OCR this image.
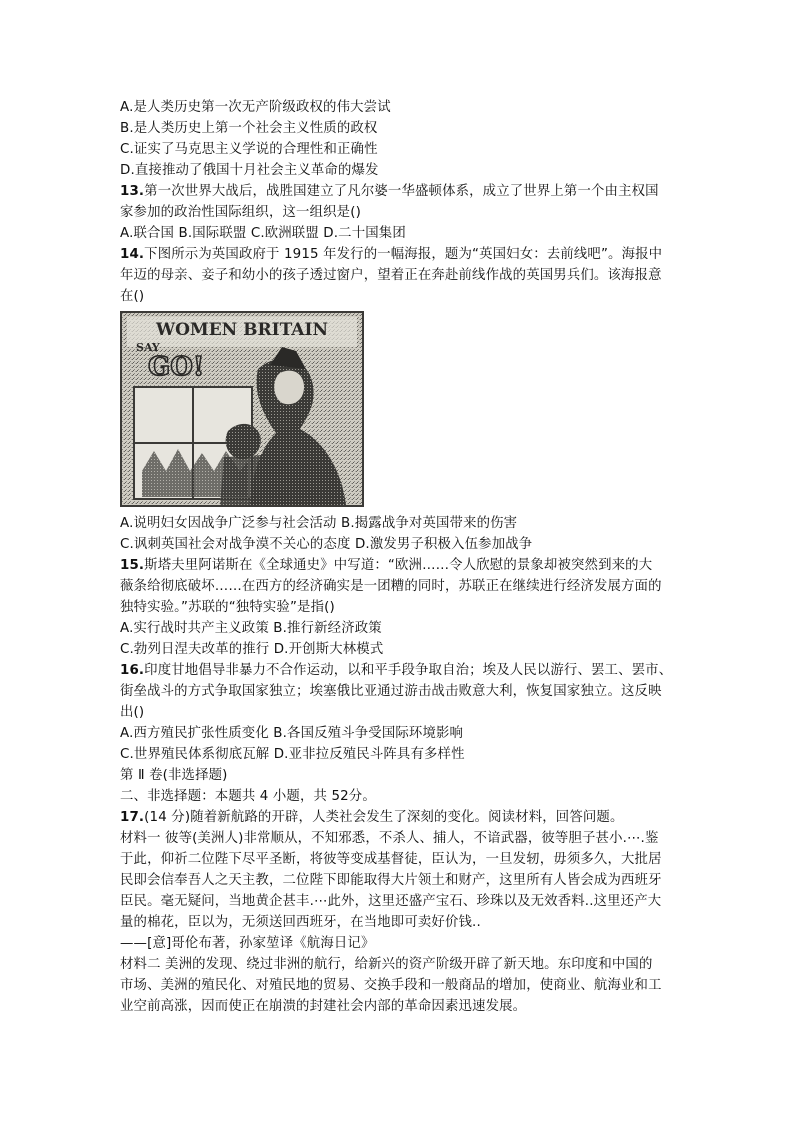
A.是人类历史第一次无产阶级政权的伟大尝试
B.是人类历史上第一个社会主义性质的政权
C.证实了马克思主义学说的合理性和正确性
D.直接推动了俄国十月社会主义革命的爆发
13.第一次世界大战后，战胜国建立了凡尔婆一华盛顿体系，成立了世界上第一个由主权国
家参加的政治性国际组织，这一组织是()
A.联合国 B.国际联盟 C.欧洲联盟 D.二十国集团
14.下图所示为英国政府于 1915 年发行的一幅海报，题为“英国妇女：去前线吧”。海报中
年迈的母亲、妾子和幼小的孩子透过窗户，望着正在奔赴前线作战的英国男兵们。该海报意
在()
WOMEN BRITAIN
SAY
GO!
A.说明妇女因战争广泛参与社会活动 B.揭露战争对英国带来的伤害
C.讽刺英国社会对战争漠不关心的态度 D.激发男子积极入伍参加战争
15.斯塔夫里阿诺斯在《全球通史》中写道：“欧洲……令人欣慰的景象却被突然到来的大
薇条给彻底破坏……在西方的经济确实是一团糟的同时，苏联正在继续进行经济发展方面的
独特实验。”苏联的“独特实验”是指()
A.实行战时共产主义政策 B.推行新经济政策
C.勃列日涅夫改革的推行 D.开创斯大林模式
16.印度甘地倡导非暴力不合作运动，以和平手段争取自治；埃及人民以游行、罢工、罢市、
街垒战斗的方式争取国家独立；埃塞俄比亚通过游击战击败意大利，恢复国家独立。这反映
出()
A.西方殖民扩张性质变化 B.各国反殖斗争受国际环境影响
C.世界殖民体系彻底瓦解 D.亚非拉反殖民斗阵具有多样性
第 Ⅱ 卷(非选择题)
二、非选择题：本题共 4 小题，共 52分。
17.(14 分)随着新航路的开辟，人类社会发生了深刻的变化。阅读材料，回答问题。
材料一 彼等(美洲人)非常顺从，不知邪悉，不杀人、捕人，不谙武器，彼等胆子甚小.⋯.鉴
于此，仰祈二位陛下尽平圣断，将彼等变成基督徒，臣认为，一旦发轫，毋须多久，大批居
民即会信奉吾人之天主教，二位陛下即能取得大片领土和财产，这里所有人皆会成为西班牙
臣民。毫无疑问，当地黄企甚丰.⋯此外，这里还盛产宝石、珍珠以及无效香料..这里还产大
量的棉花，臣以为，无须送回西班牙，在当地即可卖好价钱..
——[意]哥伦布著，孙家堃译《航海日记》
材料二 美洲的发现、绕过非洲的航行，给新兴的资产阶级开辟了新天地。东印度和中国的
市场、美洲的殖民化、对殖民地的贸易、交换手段和一般商品的增加，使商业、航海业和工
业空前高涨，因而使正在崩溃的封建社会内部的革命因素迅速发展。
